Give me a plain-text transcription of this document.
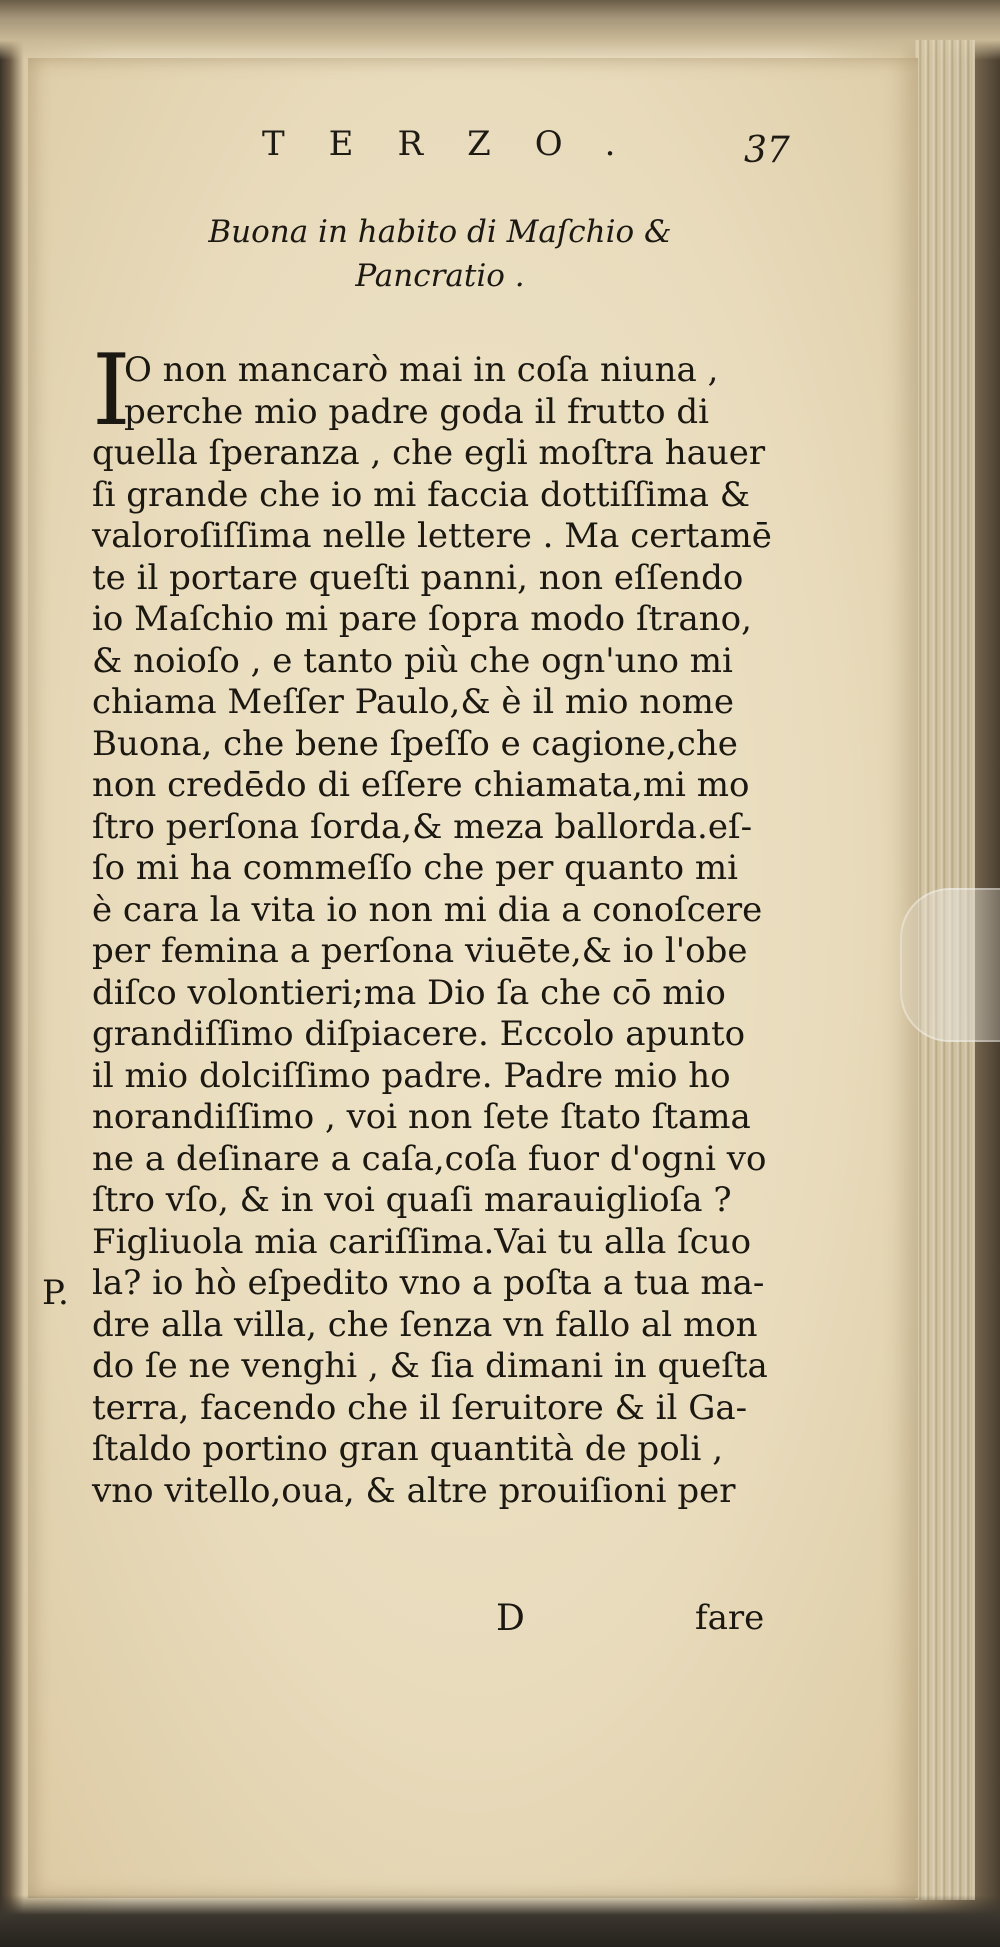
TERZO. 37
Buona in habito di Maſchio &
Pancratio .
I
O non mancarò mai in coſa niuna ,
perche mio padre goda il frutto di
quella ſperanza , che egli moſtra hauer
ſi grande che io mi faccia dottiſſima &
valoroſiſſima nelle lettere . Ma certamē
te il portare queſti panni, non eſſendo
io Maſchio mi pare ſopra modo ſtrano,
& noioſo , e tanto più che ogn'uno mi
chiama Meſſer Paulo,& è il mio nome
Buona, che bene ſpeſſo e cagione,che
non credēdo di eſſere chiamata,mi mo
ſtro perſona ſorda,& meza ballorda.eſ-
ſo mi ha commeſſo che per quanto mi
è cara la vita io non mi dia a conoſcere
per femina a perſona viuēte,& io l'obe
diſco volontieri;ma Dio ſa che cō mio
grandiſſimo diſpiacere. Eccolo apunto
il mio dolciſſimo padre. Padre mio ho
norandiſſimo , voi non ſete ſtato ſtama
ne a deſinare a caſa,coſa fuor d'ogni vo
ſtro vſo, & in voi quaſi marauiglioſa ?
Figliuola mia cariſſima.Vai tu alla ſcuo
la? io hò eſpedito vno a poſta a tua ma-
dre alla villa, che ſenza vn fallo al mon
do ſe ne venghi , & ſia dimani in queſta
terra, facendo che il ſeruitore & il Ga-
ſtaldo portino gran quantità de poli ,
vno vitello,oua, & altre prouiſioni per
P.
D	fare
